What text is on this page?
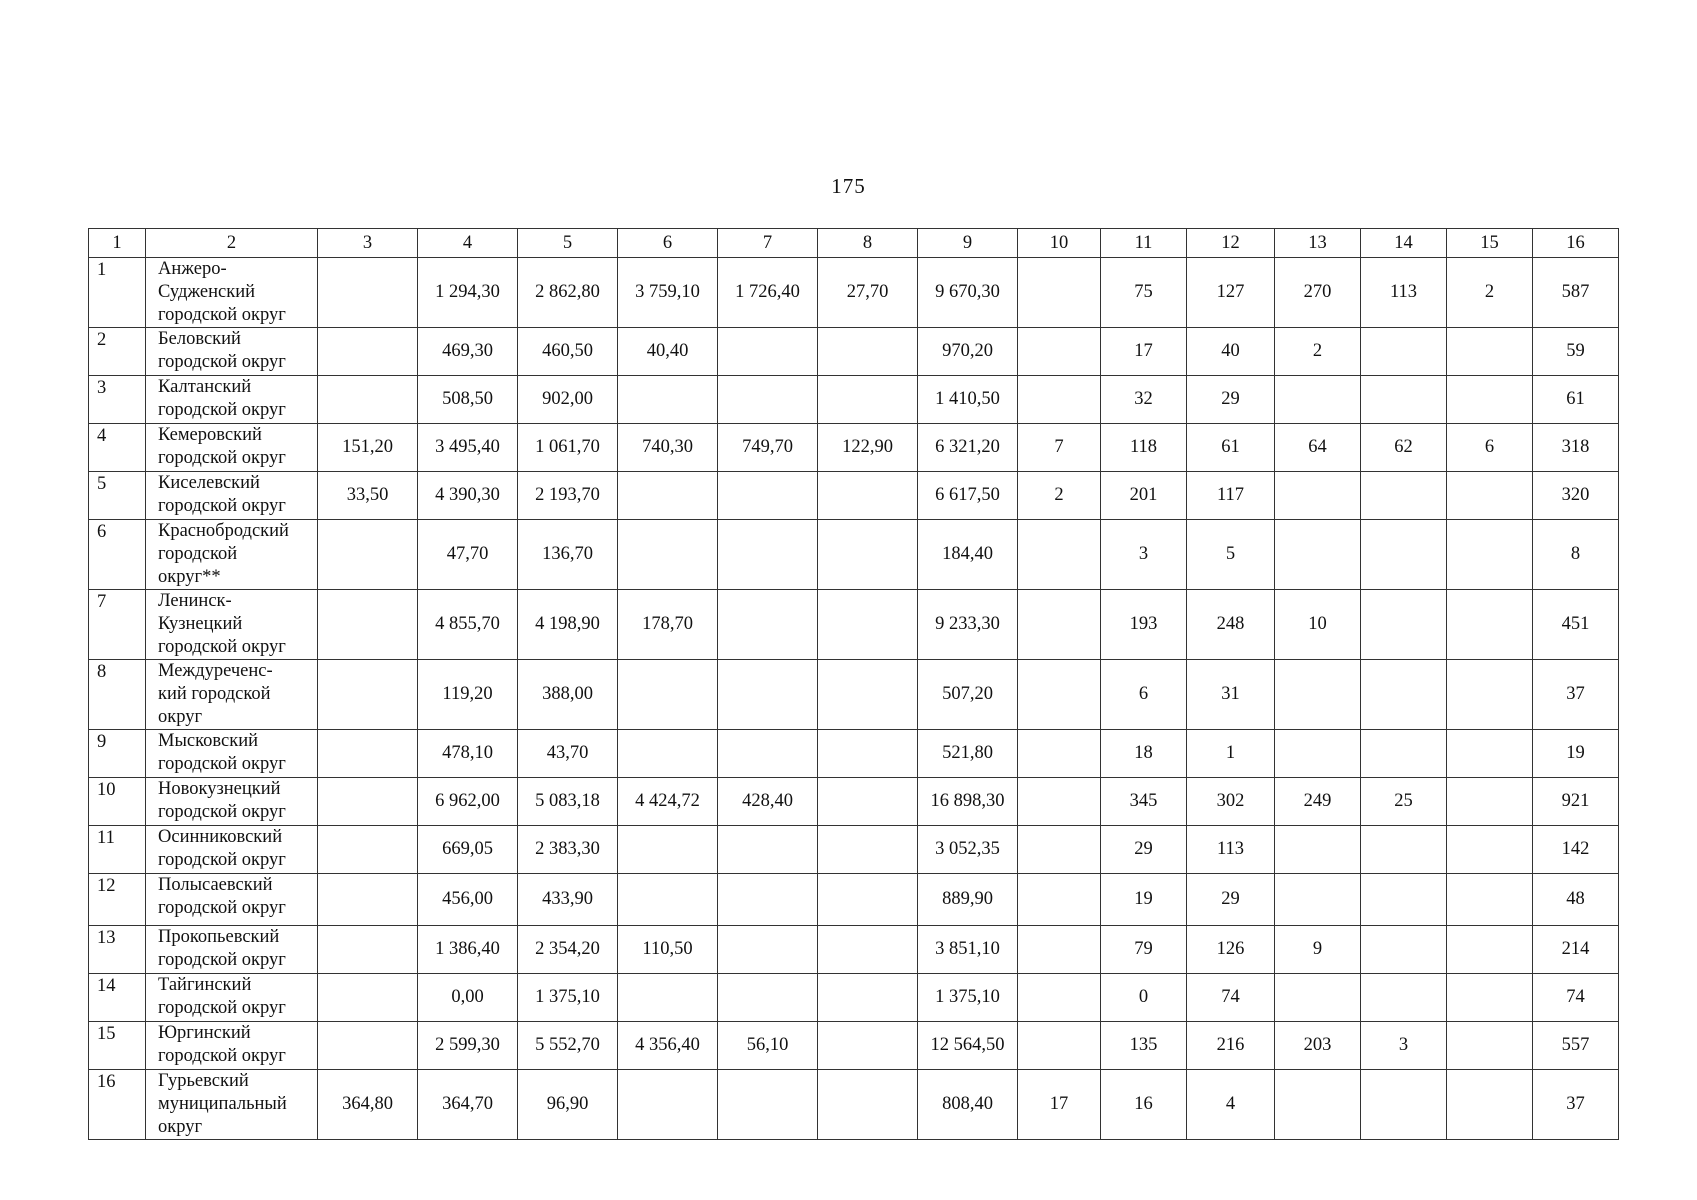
175
1	2	3	4	5	6	7	8	9	10	11	12	13	14	15	16
1	Анжеро-
Судженский
городской округ		1 294,30	2 862,80	3 759,10	1 726,40	27,70	9 670,30		75	127	270	113	2	587
2	Беловский
городской округ		469,30	460,50	40,40			970,20		17	40	2			59
3	Калтанский
городской округ		508,50	902,00				1 410,50		32	29				61
4	Кемеровский
городской округ	151,20	3 495,40	1 061,70	740,30	749,70	122,90	6 321,20	7	118	61	64	62	6	318
5	Киселевский
городской округ	33,50	4 390,30	2 193,70				6 617,50	2	201	117				320
6	Краснобродский
городской
округ**		47,70	136,70				184,40		3	5				8
7	Ленинск-
Кузнецкий
городской округ		4 855,70	4 198,90	178,70			9 233,30		193	248	10			451
8	Междуреченс-
кий городской
округ		119,20	388,00				507,20		6	31				37
9	Мысковский
городской округ		478,10	43,70				521,80		18	1				19
10	Новокузнецкий
городской округ		6 962,00	5 083,18	4 424,72	428,40		16 898,30		345	302	249	25		921
11	Осинниковский
городской округ		669,05	2 383,30				3 052,35		29	113				142
12	Полысаевский
городской округ		456,00	433,90				889,90		19	29				48
13	Прокопьевский
городской округ		1 386,40	2 354,20	110,50			3 851,10		79	126	9			214
14	Тайгинский
городской округ		0,00	1 375,10				1 375,10		0	74				74
15	Юргинский
городской округ		2 599,30	5 552,70	4 356,40	56,10		12 564,50		135	216	203	3		557
16	Гурьевский
муниципальный
округ	364,80	364,70	96,90				808,40	17	16	4				37
